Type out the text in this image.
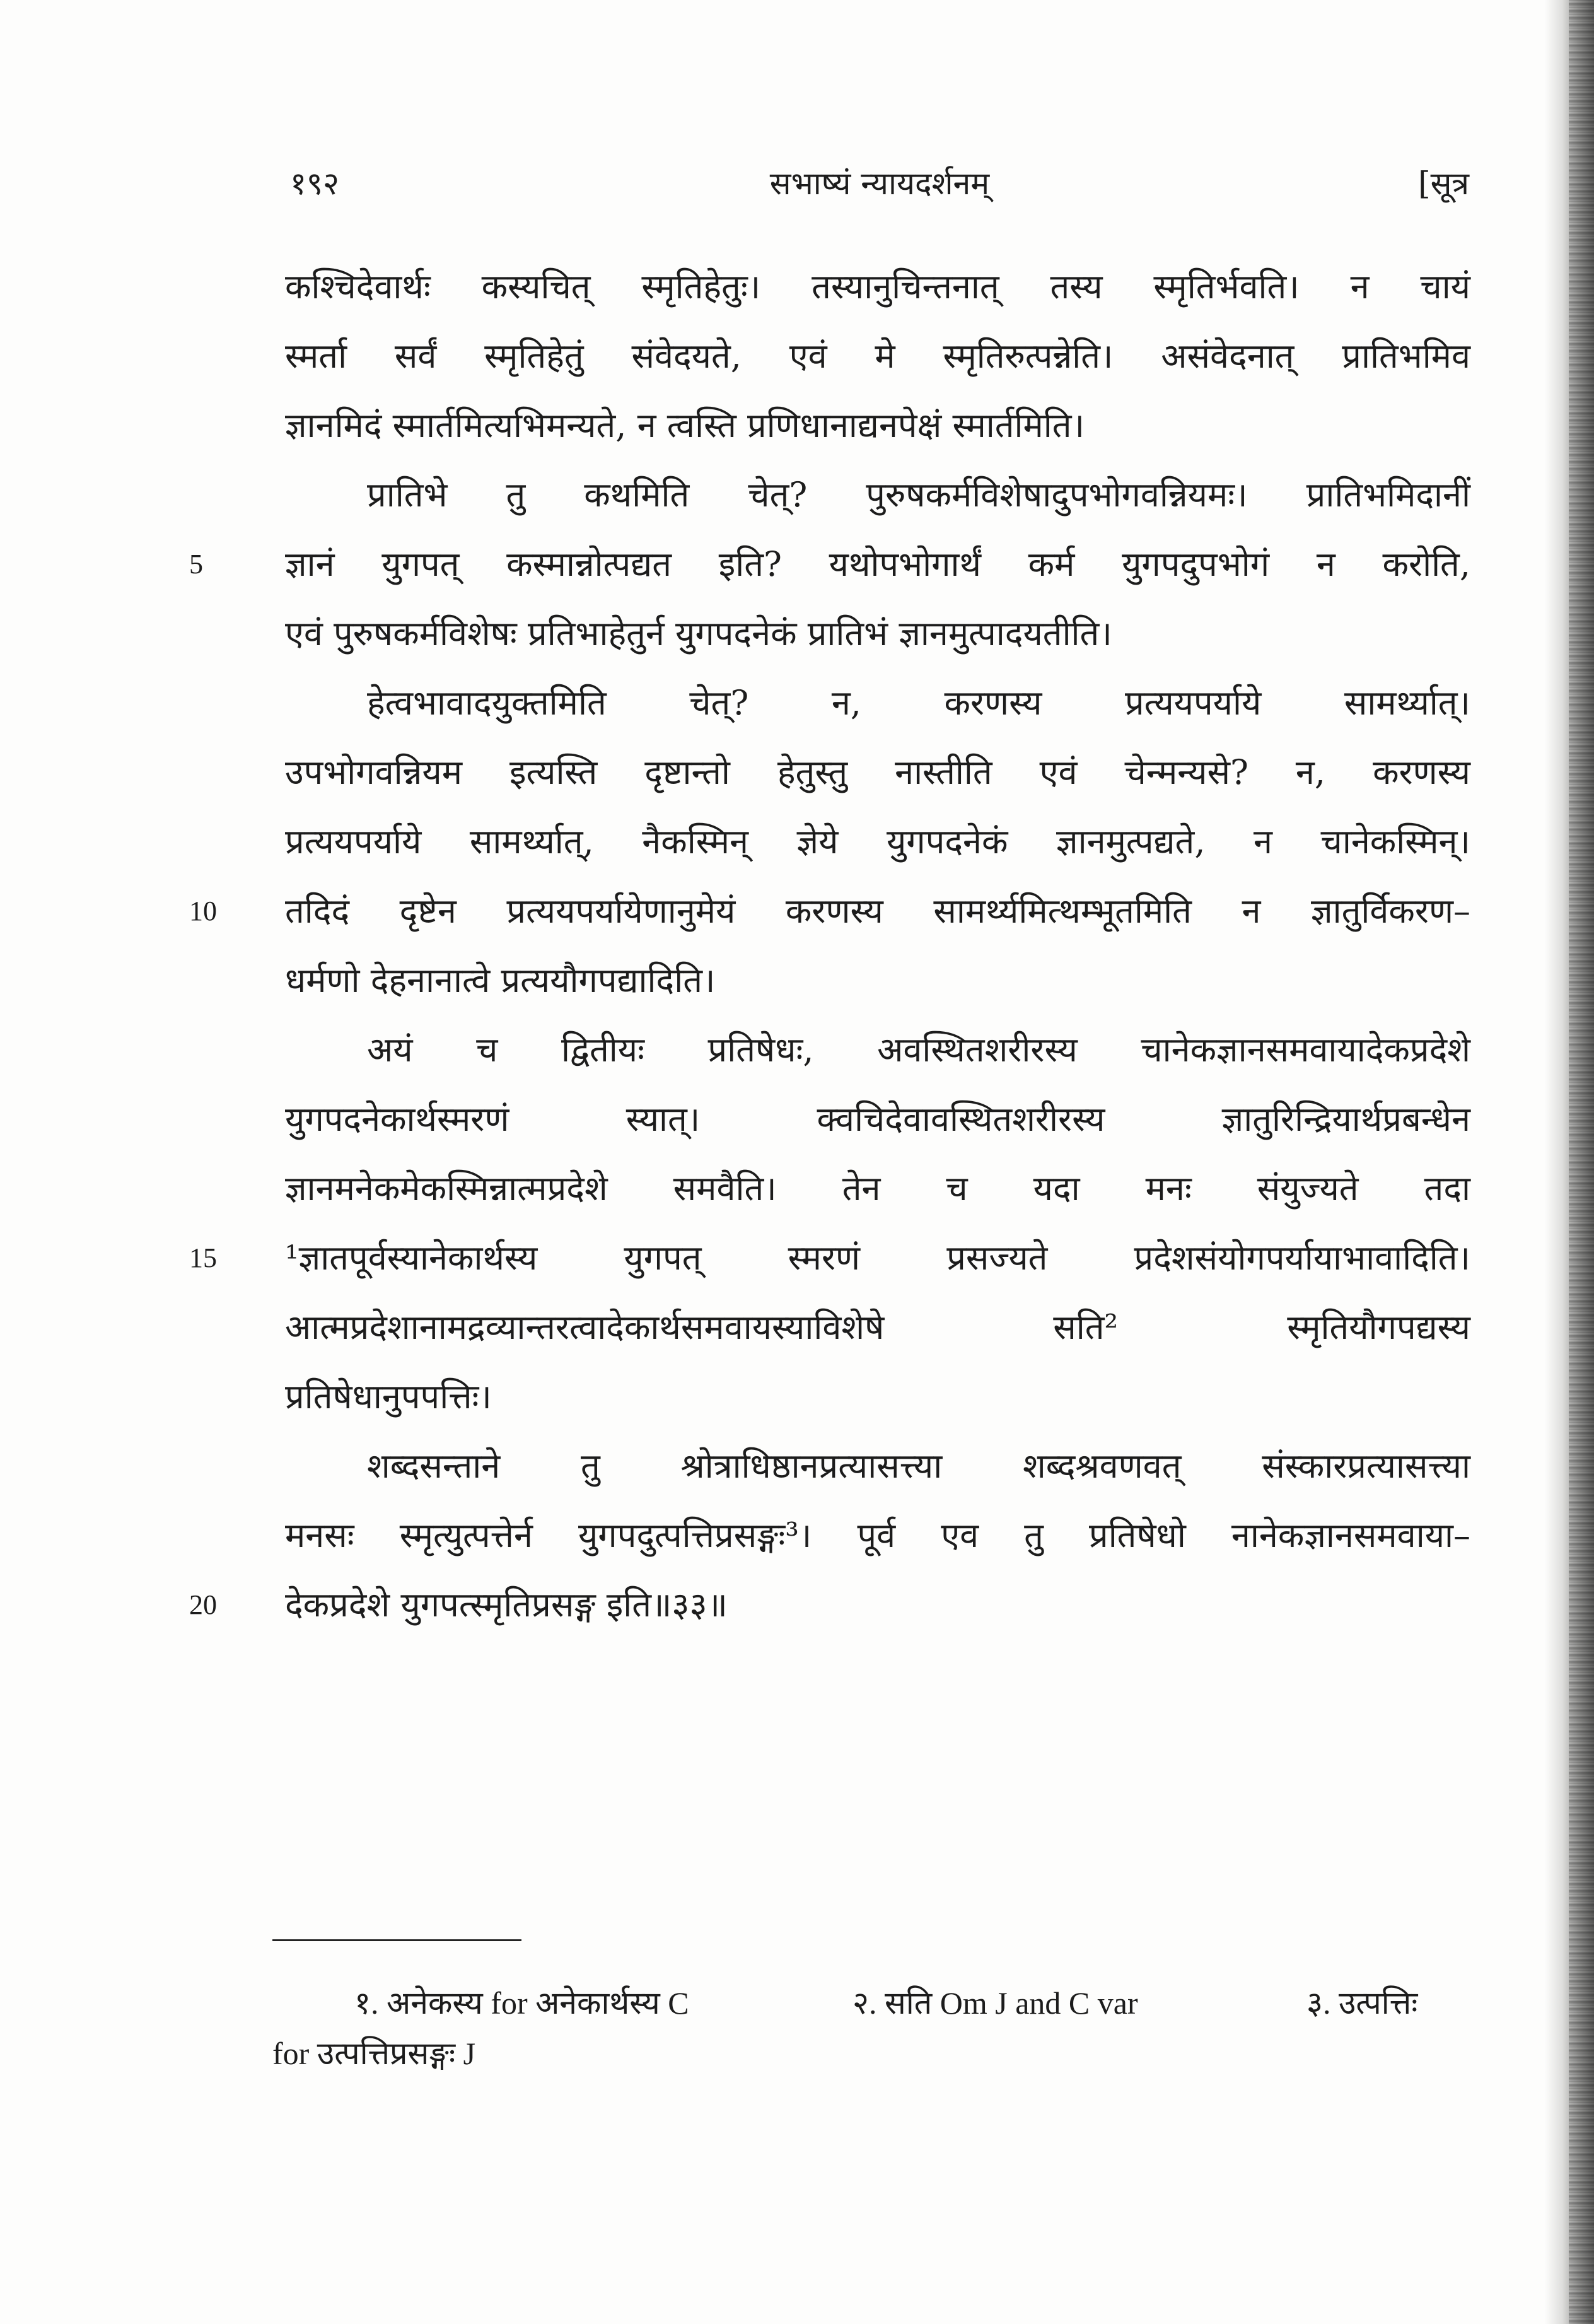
१९२	सभाष्यं न्यायदर्शनम्	[सूत्र
कश्चिदेवार्थः कस्यचित् स्मृतिहेतुः। तस्यानुचिन्तनात् तस्य स्मृतिर्भवति। न चायं
स्मर्ता सर्वं स्मृतिहेतुं संवेदयते, एवं मे स्मृतिरुत्पन्नेति। असंवेदनात् प्रातिभमिव
ज्ञानमिदं स्मार्तमित्यभिमन्यते, न त्वस्ति प्रणिधानाद्यनपेक्षं स्मार्तमिति।
प्रातिभे तु कथमिति चेत्? पुरुषकर्मविशेषादुपभोगवन्नियमः। प्रातिभमिदानीं
ज्ञानं युगपत् कस्मान्नोत्पद्यत इति? यथोपभोगार्थं कर्म युगपदुपभोगं न करोति,
एवं पुरुषकर्मविशेषः प्रतिभाहेतुर्न युगपदनेकं प्रातिभं ज्ञानमुत्पादयतीति।
हेत्वभावादयुक्तमिति चेत्? न, करणस्य प्रत्ययपर्याये सामर्थ्यात्।
उपभोगवन्नियम इत्यस्ति दृष्टान्तो हेतुस्तु नास्तीति एवं चेन्मन्यसे? न, करणस्य
प्रत्ययपर्याये सामर्थ्यात्, नैकस्मिन् ज्ञेये युगपदनेकं ज्ञानमुत्पद्यते, न चानेकस्मिन्।
तदिदं दृष्टेन प्रत्ययपर्यायेणानुमेयं करणस्य सामर्थ्यमित्थम्भूतमिति न ज्ञातुर्विकरण–
धर्मणो देहनानात्वे प्रत्ययौगपद्यादिति।
अयं च द्वितीयः प्रतिषेधः, अवस्थितशरीरस्य चानेकज्ञानसमवायादेकप्रदेशे
युगपदनेकार्थस्मरणं स्यात्। क्वचिदेवावस्थितशरीरस्य ज्ञातुरिन्द्रियार्थप्रबन्धेन
ज्ञानमनेकमेकस्मिन्नात्मप्रदेशे समवैति। तेन च यदा मनः संयुज्यते तदा
¹ज्ञातपूर्वस्यानेकार्थस्य युगपत् स्मरणं प्रसज्यते प्रदेशसंयोगपर्यायाभावादिति।
आत्मप्रदेशानामद्रव्यान्तरत्वादेकार्थसमवायस्याविशेषे सति² स्मृतियौगपद्यस्य
प्रतिषेधानुपपत्तिः।
शब्दसन्ताने तु श्रोत्राधिष्ठानप्रत्यासत्त्या शब्दश्रवणवत् संस्कारप्रत्यासत्त्या
मनसः स्मृत्युत्पत्तेर्न युगपदुत्पत्तिप्रसङ्गः³। पूर्व एव तु प्रतिषेधो नानेकज्ञानसमवाया–
देकप्रदेशे युगपत्स्मृतिप्रसङ्ग इति॥३३॥
5
10
15
20
१. अनेकस्य for अनेकार्थस्य C	२. सति Om J and C var	३. उत्पत्तिः
for उत्पत्तिप्रसङ्गः J
